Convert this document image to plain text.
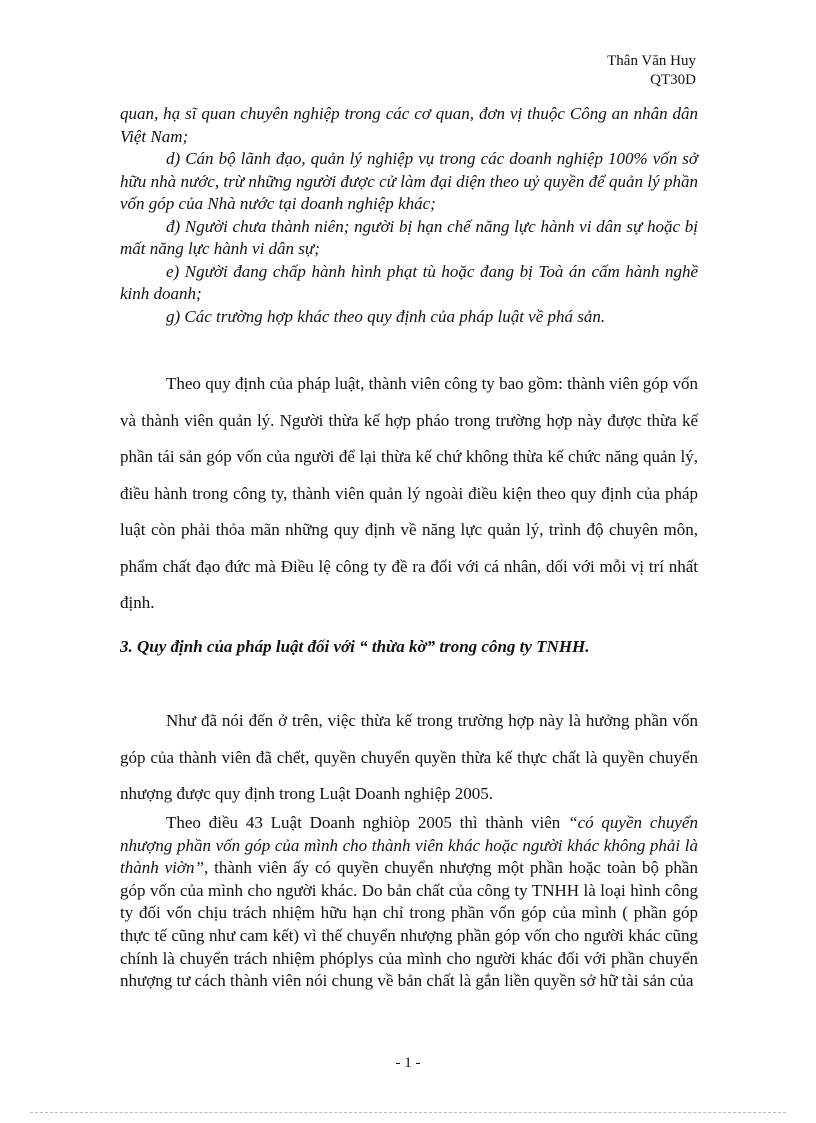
Thân Văn Huy
QT30D

quan, hạ sĩ quan chuyên nghiệp trong các cơ quan, đơn vị thuộc Công an nhân dân Việt Nam;

d) Cán bộ lãnh đạo, quản lý nghiệp vụ trong các doanh nghiệp 100% vốn sở hữu nhà nước, trừ những người được cử làm đại diện theo uỷ quyền để quản lý phần vốn góp của Nhà nước tại doanh nghiệp khác;

đ) Người chưa thành niên; người bị hạn chế năng lực hành vi dân sự hoặc bị mất năng lực hành vi dân sự;

e) Người đang chấp hành hình phạt tù hoặc đang bị Toà án cấm hành nghề kinh doanh;

g) Các trường hợp khác theo quy định của pháp luật về phá sản.

Theo quy định của pháp luật, thành viên công ty bao gồm: thành viên góp vốn và thành viên quản lý. Người thừa kế hợp pháo trong trường hợp này được thừa kế phần tái sản góp vốn của người để lại thừa kế chứ không thừa kế chức năng quản lý, điều hành trong công ty, thành viên quản lý ngoài điều kiện theo quy định của pháp luật còn phải thỏa mãn những quy định về năng lực quản lý, trình độ chuyên môn, phẩm chất đạo đức mà Điều lệ công ty đề ra đối với cá nhân, dối với mỗi vị trí nhất định.

3. Quy định của pháp luật đối với “ thừa kờ” trong công ty TNHH.

Như đã nói đến ở trên, việc thừa kế trong trường hợp này là hưởng phần vốn góp của thành viên đã chết, quyền chuyển quyền thừa kế thực chất là quyền chuyển nhượng được quy định trong Luật Doanh nghiệp 2005.

Theo điều 43 Luật Doanh nghiòp 2005 thì thành viên “có quyền chuyển nhượng phần vốn góp của mình cho thành viên khác hoặc người khác không phải là thành viờn”, thành viên ấy có quyền chuyển nhượng một phần hoặc toàn bộ phần góp vốn của mình cho người khác. Do bản chất của công ty TNHH là loại hình công ty đối vốn chịu trách nhiệm hữu hạn chỉ trong phần vốn góp của mình ( phần góp thực tế cũng như cam kết) vì thế chuyển nhượng phần góp vốn cho người khác cũng chính là chuyển trách nhiệm phóplys của mình cho người khác đối với phần chuyển nhượng tư cách thành viên nói chung về bản chất là gắn liền quyền sở hữ tài sản của

- 1 -
